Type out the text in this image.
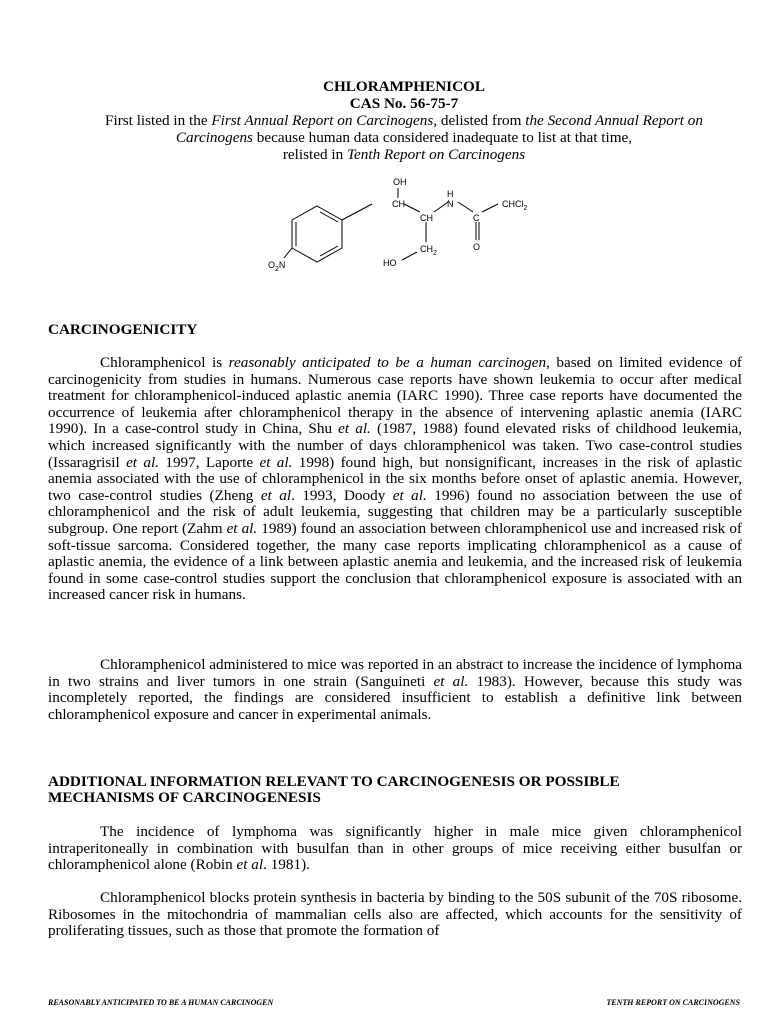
CHLORAMPHENICOL
CAS No. 56-75-7
First listed in the First Annual Report on Carcinogens, delisted from the Second Annual Report on
Carcinogens because human data considered inadequate to list at that time,
relisted in Tenth Report on Carcinogens
OH
CH
H
N
CH	C
CHCl$_2$
O
$CH_2$
HO
$O_2N$
CARCINOGENICITY

Chloramphenicol is reasonably anticipated to be a human carcinogen, based on limited evidence of carcinogenicity from studies in humans. Numerous case reports have shown leukemia to occur after medical treatment for chloramphenicol-induced aplastic anemia (IARC 1990). Three case reports have documented the occurrence of leukemia after chloramphenicol therapy in the absence of intervening aplastic anemia (IARC 1990). In a case-control study in China, Shu et al. (1987, 1988) found elevated risks of childhood leukemia, which increased significantly with the number of days chloramphenicol was taken. Two case-control studies (Issaragrisil et al. 1997, Laporte et al. 1998) found high, but nonsignificant, increases in the risk of aplastic anemia associated with the use of chloramphenicol in the six months before onset of aplastic anemia. However, two case-control studies (Zheng et al. 1993, Doody et al. 1996) found no association between the use of chloramphenicol and the risk of adult leukemia, suggesting that children may be a particularly susceptible subgroup. One report (Zahm et al. 1989) found an association between chloramphenicol use and increased risk of soft-tissue sarcoma. Considered together, the many case reports implicating chloramphenicol as a cause of aplastic anemia, the evidence of a link between aplastic anemia and leukemia, and the increased risk of leukemia found in some case-control studies support the conclusion that chloramphenicol exposure is associated with an increased cancer risk in humans.

Chloramphenicol administered to mice was reported in an abstract to increase the incidence of lymphoma in two strains and liver tumors in one strain (Sanguineti et al. 1983). However, because this study was incompletely reported, the findings are considered insufficient to establish a definitive link between chloramphenicol exposure and cancer in experimental animals.

ADDITIONAL INFORMATION RELEVANT TO CARCINOGENESIS OR POSSIBLE
MECHANISMS OF CARCINOGENESIS

The incidence of lymphoma was significantly higher in male mice given chloramphenicol intraperitoneally in combination with busulfan than in other groups of mice receiving either busulfan or chloramphenicol alone (Robin et al. 1981).

Chloramphenicol blocks protein synthesis in bacteria by binding to the 50S subunit of the 70S ribosome. Ribosomes in the mitochondria of mammalian cells also are affected, which accounts for the sensitivity of proliferating tissues, such as those that promote the formation of

REASONABLY ANTICIPATED TO BE A HUMAN CARCINOGEN	TENTH REPORT ON CARCINOGENS
